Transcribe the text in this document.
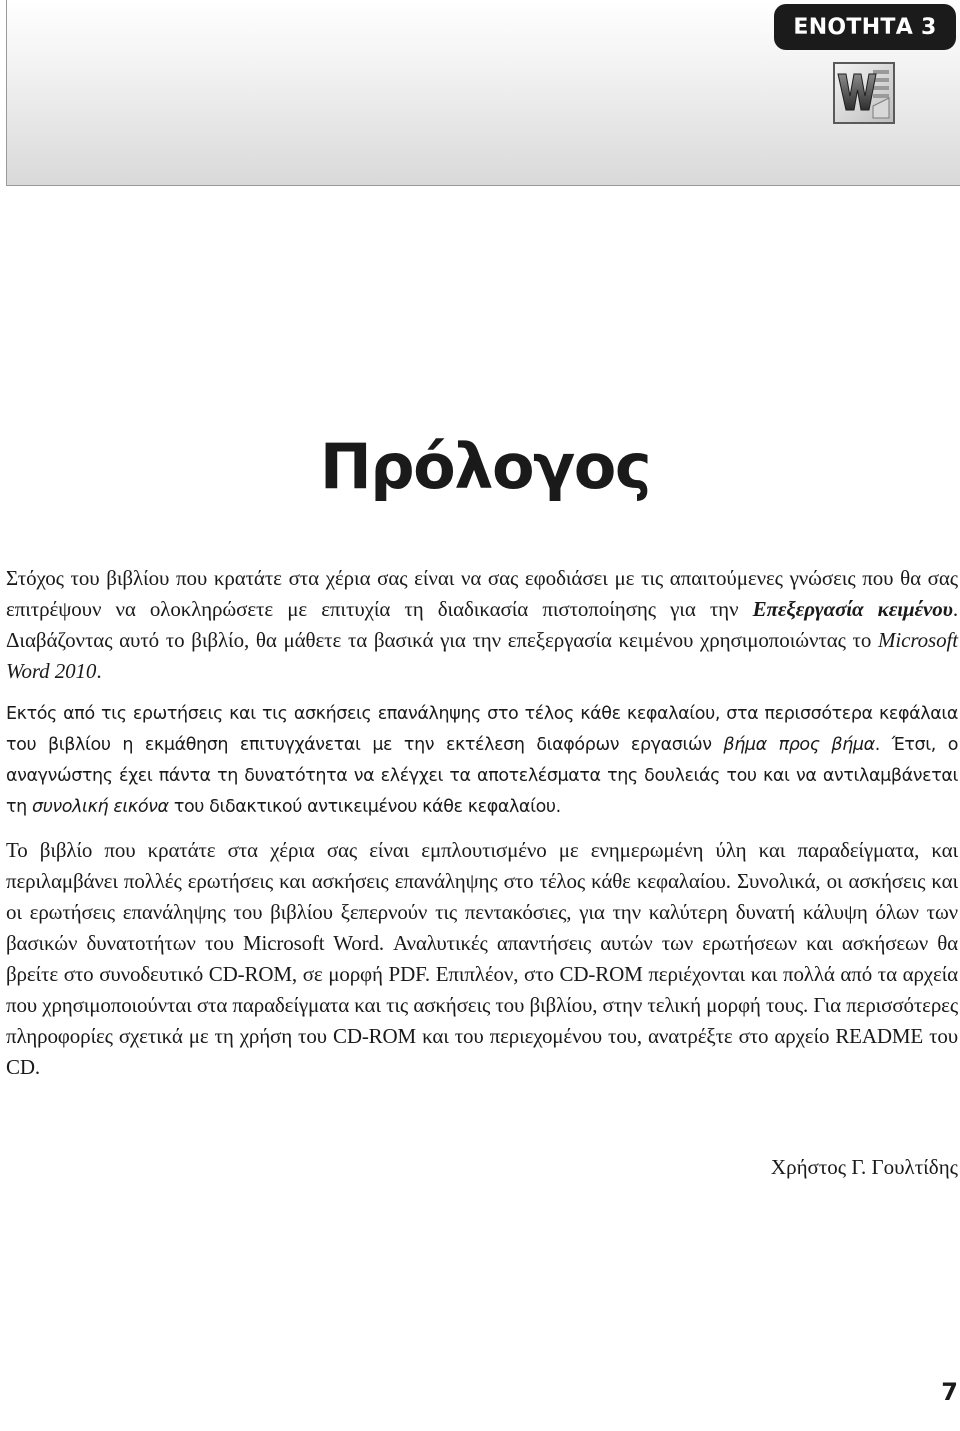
ΕΝΟΤΗΤΑ 3
Πρόλογος

Στόχος του βιβλίου που κρατάτε στα χέρια σας είναι να σας εφοδιάσει με τις απαιτούμενες γνώσεις που θα σας επιτρέψουν να ολοκληρώσετε με επιτυχία τη διαδικασία πιστοποίησης για την Επεξεργασία κειμένου. Διαβάζοντας αυτό το βιβλίο, θα μάθετε τα βασικά για την επεξεργασία κειμένου χρησιμοποιώντας το Microsoft Word 2010.

Εκτός από τις ερωτήσεις και τις ασκήσεις επανάληψης στο τέλος κάθε κεφαλαίου, στα περισσότερα κεφάλαια του βιβλίου η εκμάθηση επιτυγχάνεται με την εκτέλεση διαφόρων εργασιών βήμα προς βήμα. Έτσι, ο αναγνώστης έχει πάντα τη δυνατότητα να ελέγχει τα αποτελέσματα της δουλειάς του και να αντιλαμβάνεται τη συνολική εικόνα του διδακτικού αντικειμένου κάθε κεφαλαίου.

Το βιβλίο που κρατάτε στα χέρια σας είναι εμπλουτισμένο με ενημερωμένη ύλη και παραδείγματα, και περιλαμβάνει πολλές ερωτήσεις και ασκήσεις επανάληψης στο τέλος κάθε κεφαλαίου. Συνολικά, οι ασκήσεις και οι ερωτήσεις επανάληψης του βιβλίου ξεπερνούν τις πεντακόσιες, για την καλύτερη δυνατή κάλυψη όλων των βασικών δυνατοτήτων του Microsoft Word. Αναλυτικές απαντήσεις αυτών των ερωτήσεων και ασκήσεων θα βρείτε στο συνοδευτικό CD-ROM, σε μορφή PDF. Επιπλέον, στο CD-ROM περιέχονται και πολλά από τα αρχεία που χρησιμοποιούνται στα παραδείγματα και τις ασκήσεις του βιβλίου, στην τελική μορφή τους. Για περισσότερες πληροφορίες σχετικά με τη χρήση του CD-ROM και του περιεχομένου του, ανατρέξτε στο αρχείο README του CD.

Χρήστος Γ. Γουλτίδης

7
